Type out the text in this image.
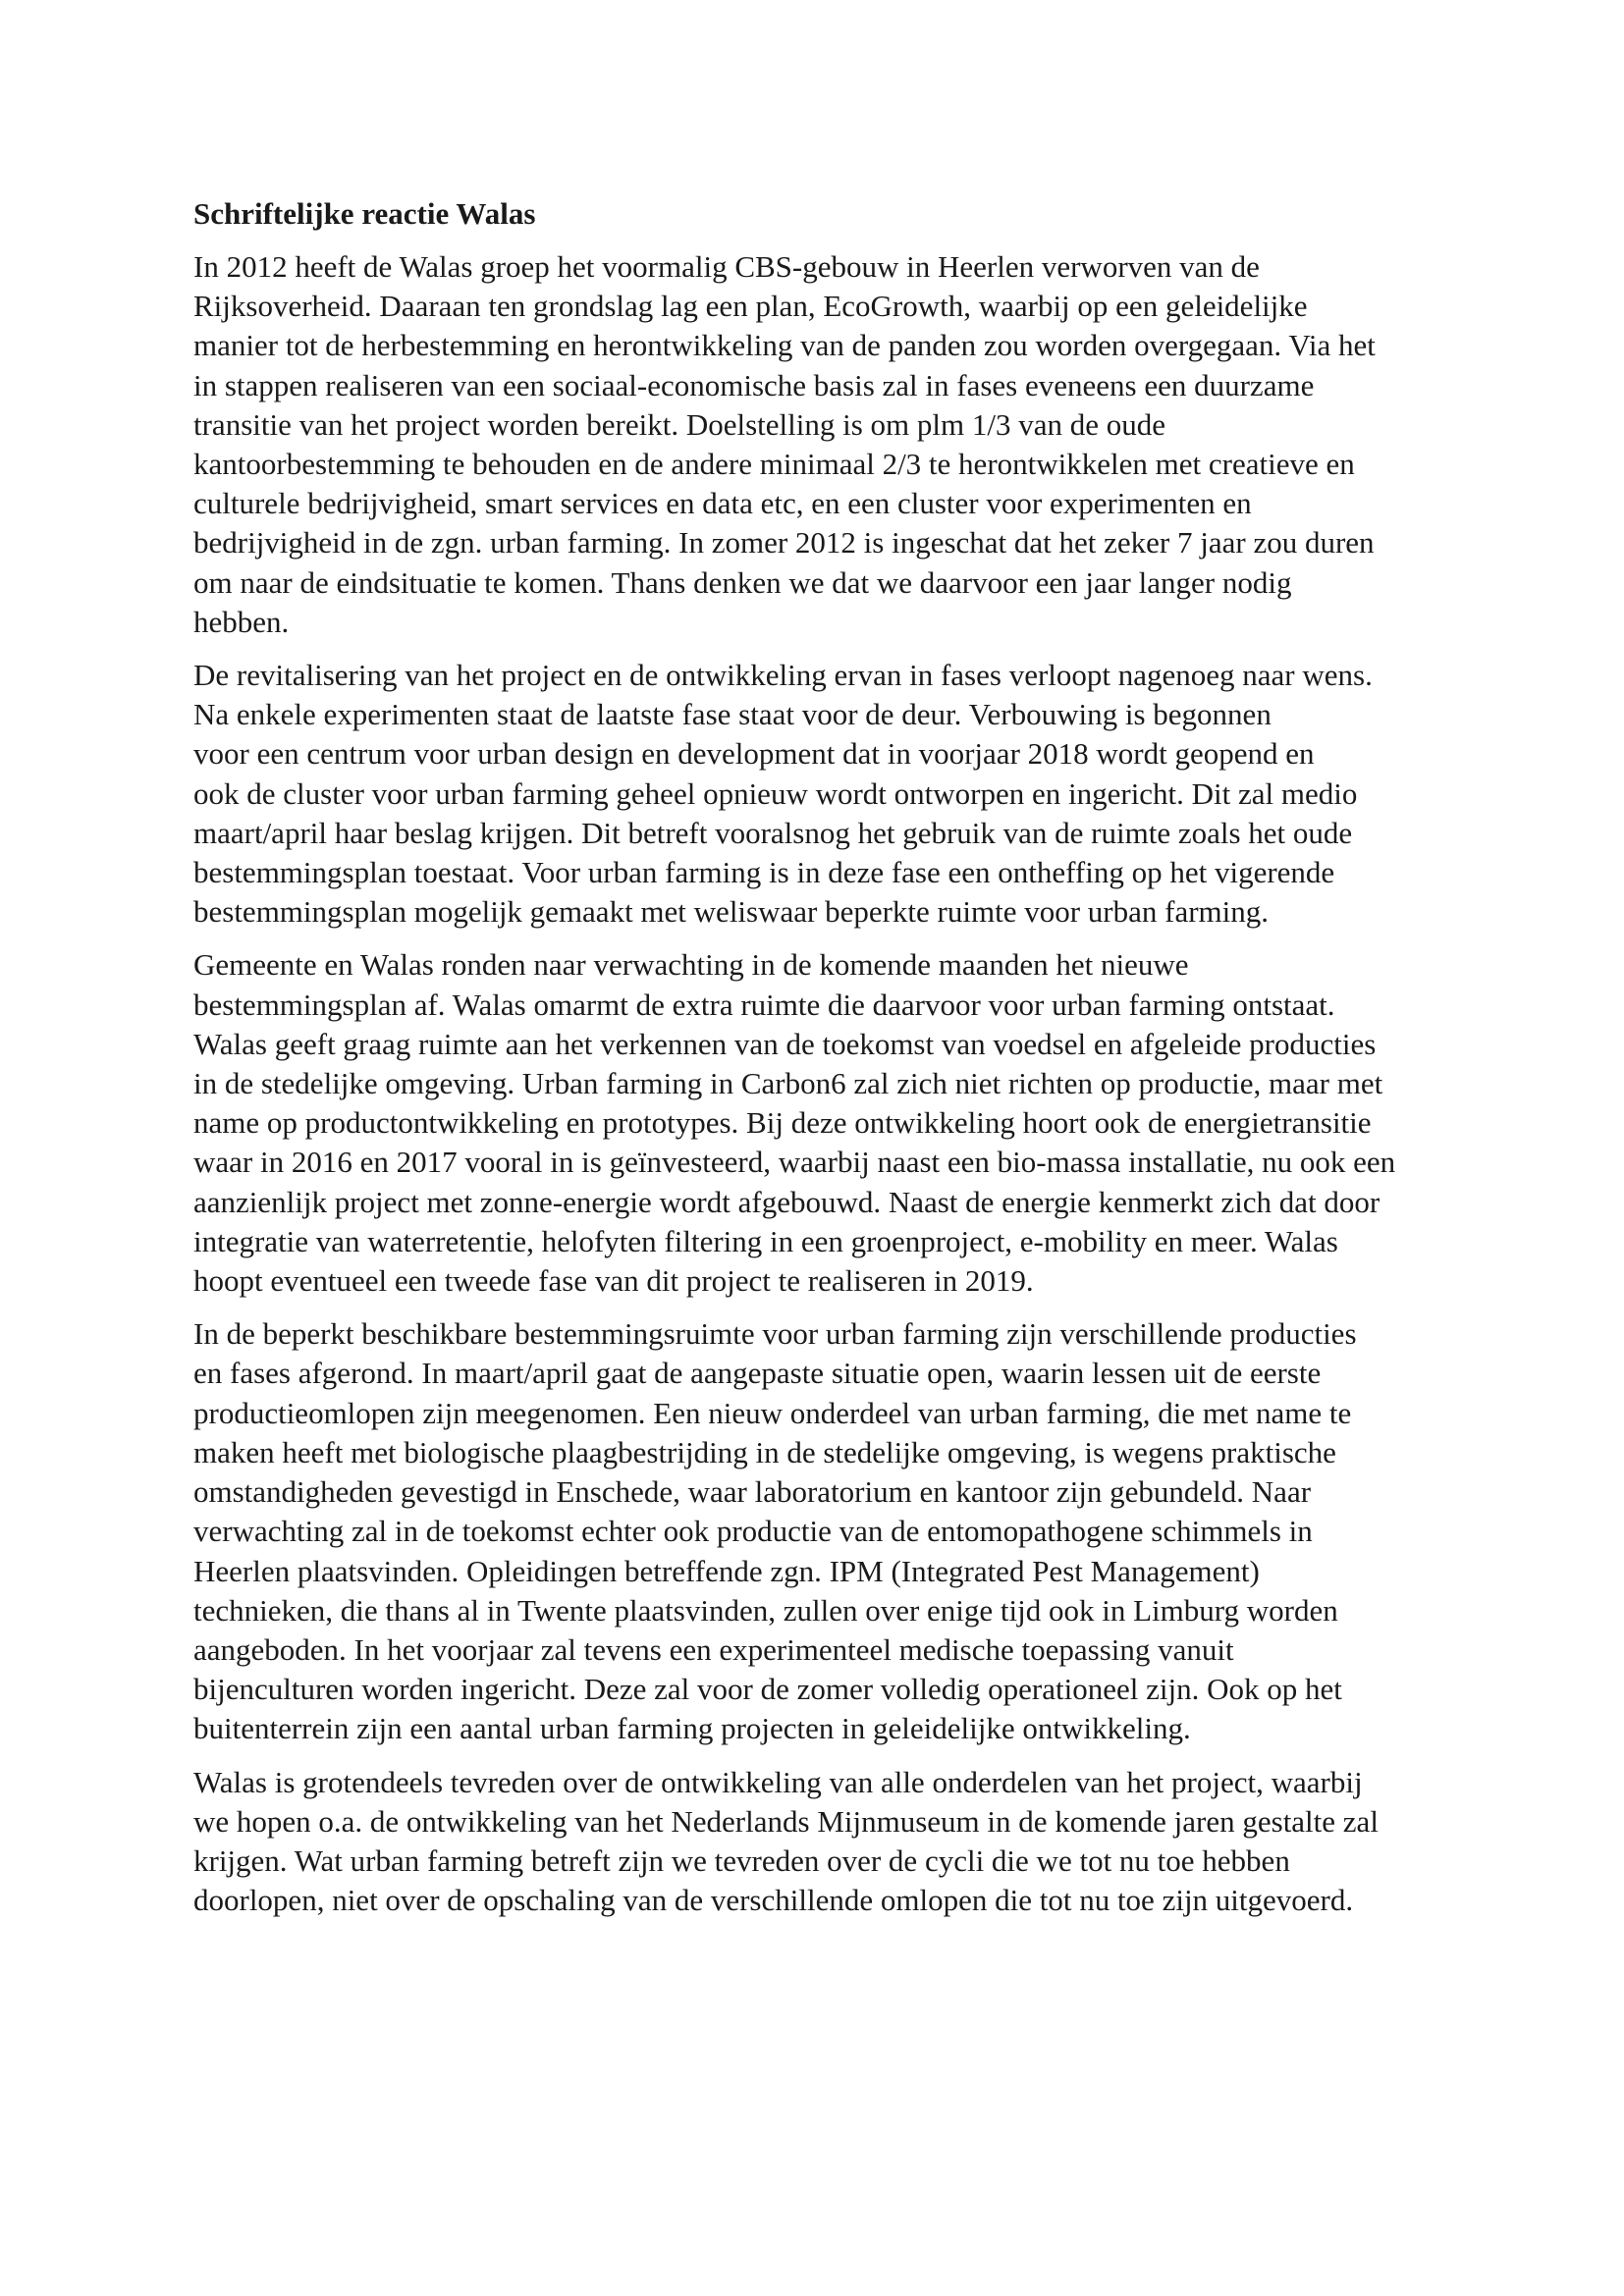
Schriftelijke reactie Walas
In 2012 heeft de Walas groep het voormalig CBS-gebouw in Heerlen verworven van de
Rijksoverheid. Daaraan ten grondslag lag een plan, EcoGrowth, waarbij op een geleidelijke
manier tot de herbestemming en herontwikkeling van de panden zou worden overgegaan. Via het
in stappen realiseren van een sociaal-economische basis zal in fases eveneens een duurzame
transitie van het project worden bereikt. Doelstelling is om plm 1/3 van de oude
kantoorbestemming te behouden en de andere minimaal 2/3 te herontwikkelen met creatieve en
culturele bedrijvigheid, smart services en data etc, en een cluster voor experimenten en
bedrijvigheid in de zgn. urban farming. In zomer 2012 is ingeschat dat het zeker 7 jaar zou duren
om naar de eindsituatie te komen. Thans denken we dat we daarvoor een jaar langer nodig
hebben.
De revitalisering van het project en de ontwikkeling ervan in fases verloopt nagenoeg naar wens.
Na enkele experimenten staat de laatste fase staat voor de deur. Verbouwing is begonnen
voor een centrum voor urban design en development dat in voorjaar 2018 wordt geopend en
ook de cluster voor urban farming geheel opnieuw wordt ontworpen en ingericht. Dit zal medio
maart/april haar beslag krijgen. Dit betreft vooralsnog het gebruik van de ruimte zoals het oude
bestemmingsplan toestaat. Voor urban farming is in deze fase een ontheffing op het vigerende
bestemmingsplan mogelijk gemaakt met weliswaar beperkte ruimte voor urban farming.
Gemeente en Walas ronden naar verwachting in de komende maanden het nieuwe
bestemmingsplan af. Walas omarmt de extra ruimte die daarvoor voor urban farming ontstaat.
Walas geeft graag ruimte aan het verkennen van de toekomst van voedsel en afgeleide producties
in de stedelijke omgeving. Urban farming in Carbon6 zal zich niet richten op productie, maar met
name op productontwikkeling en prototypes. Bij deze ontwikkeling hoort ook de energietransitie
waar in 2016 en 2017 vooral in is geïnvesteerd, waarbij naast een bio-massa installatie, nu ook een
aanzienlijk project met zonne-energie wordt afgebouwd. Naast de energie kenmerkt zich dat door
integratie van waterretentie, helofyten filtering in een groenproject, e-mobility en meer. Walas
hoopt eventueel een tweede fase van dit project te realiseren in 2019.
In de beperkt beschikbare bestemmingsruimte voor urban farming zijn verschillende producties
en fases afgerond. In maart/april gaat de aangepaste situatie open, waarin lessen uit de eerste
productieomlopen zijn meegenomen. Een nieuw onderdeel van urban farming, die met name te
maken heeft met biologische plaagbestrijding in de stedelijke omgeving, is wegens praktische
omstandigheden gevestigd in Enschede, waar laboratorium en kantoor zijn gebundeld. Naar
verwachting zal in de toekomst echter ook productie van de entomopathogene schimmels in
Heerlen plaatsvinden. Opleidingen betreffende zgn. IPM (Integrated Pest Management)
technieken, die thans al in Twente plaatsvinden, zullen over enige tijd ook in Limburg worden
aangeboden. In het voorjaar zal tevens een experimenteel medische toepassing vanuit
bijenculturen worden ingericht. Deze zal voor de zomer volledig operationeel zijn. Ook op het
buitenterrein zijn een aantal urban farming projecten in geleidelijke ontwikkeling.
Walas is grotendeels tevreden over de ontwikkeling van alle onderdelen van het project, waarbij
we hopen o.a. de ontwikkeling van het Nederlands Mijnmuseum in de komende jaren gestalte zal
krijgen. Wat urban farming betreft zijn we tevreden over de cycli die we tot nu toe hebben
doorlopen, niet over de opschaling van de verschillende omlopen die tot nu toe zijn uitgevoerd.
